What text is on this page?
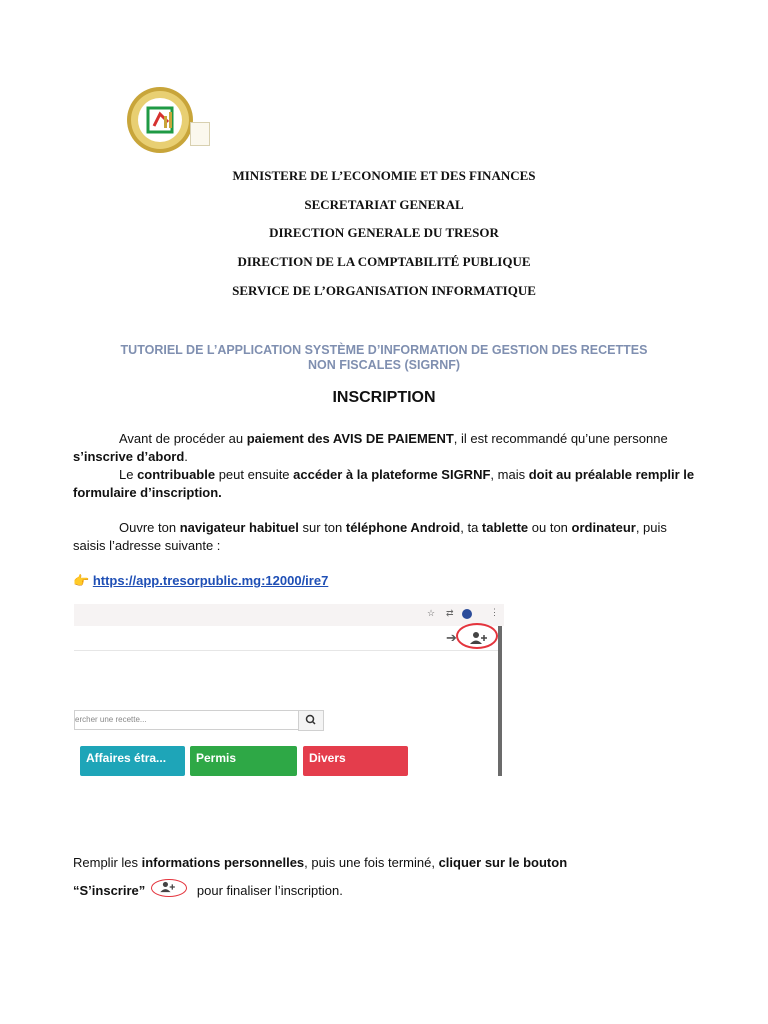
MINISTERE DE L’ECONOMIE ET DES FINANCES
SECRETARIAT GENERAL
DIRECTION GENERALE DU TRESOR
DIRECTION DE LA COMPTABILITÉ PUBLIQUE
SERVICE DE L’ORGANISATION INFORMATIQUE
TUTORIEL DE L’APPLICATION SYSTÈME D’INFORMATION DE GESTION DES RECETTES
NON FISCALES (SIGRNF)
INSCRIPTION
Avant de procéder au paiement des AVIS DE PAIEMENT, il est recommandé qu’une personne s’inscrive d’abord.
Le contribuable peut ensuite accéder à la plateforme SIGRNF, mais doit au préalable remplir le formulaire d’inscription.
Ouvre ton navigateur habituel sur ton téléphone Android, ta tablette ou ton ordinateur, puis saisis l’adresse suivante :
👉 https://app.tresorpublic.mg:12000/ire7
☆ ⇄	⋮
➔
ercher une recette...
Affaires étra...	Permis	Divers
Remplir les informations personnelles, puis une fois terminé, cliquer sur le bouton
“S’inscrire”	pour finaliser l’inscription.
